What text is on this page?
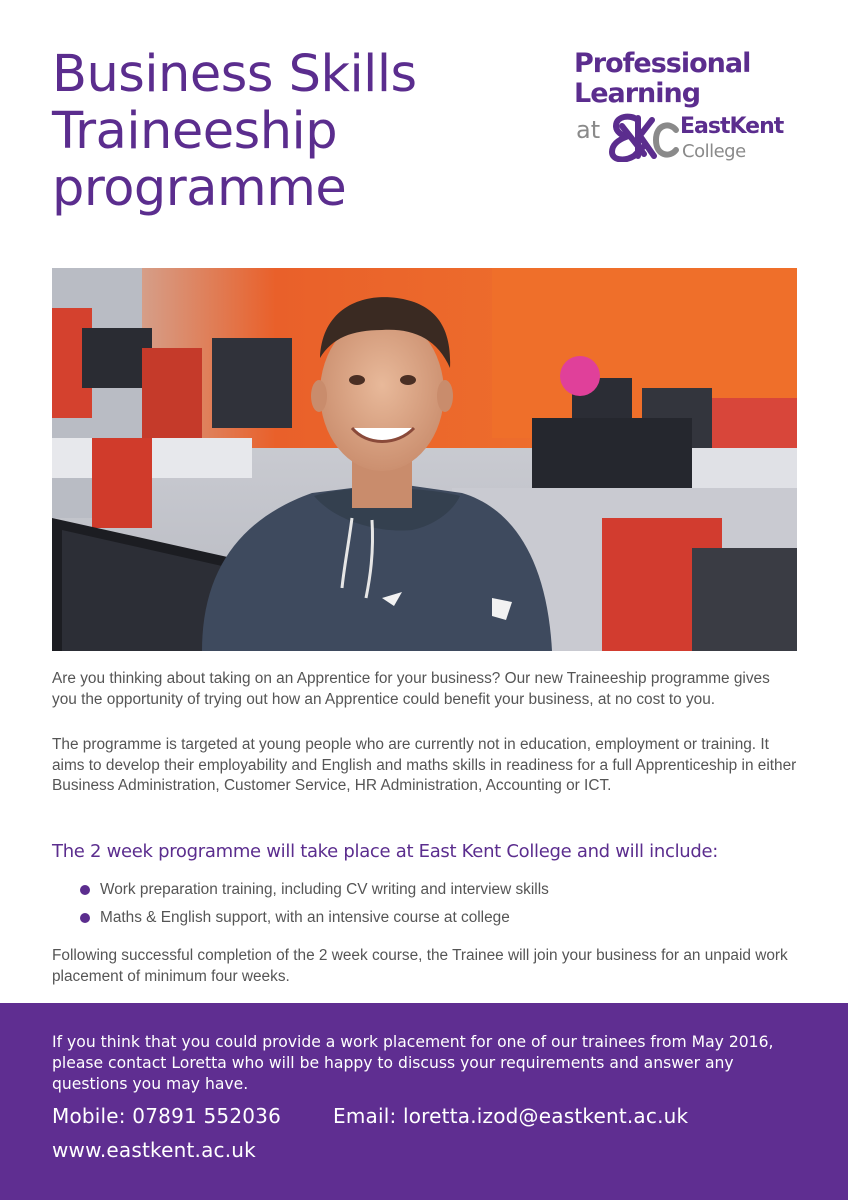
Business Skills
Traineeship
programme
Professional
Learning
at	EastKent
College

Are you thinking about taking on an Apprentice for your business? Our new Traineeship programme gives you the opportunity of trying out how an Apprentice could benefit your business, at no cost to you.

The programme is targeted at young people who are currently not in education, employment or training. It aims to develop their employability and English and maths skills in readiness for a full Apprenticeship in either Business Administration, Customer Service, HR Administration, Accounting or ICT.

The 2 week programme will take place at East Kent College and will include:
Work preparation training, including CV writing and interview skills
Maths & English support, with an intensive course at college

Following successful completion of the 2 week course, the Trainee will join your business for an unpaid work placement of minimum four weeks.

If you think that you could provide a work placement for one of our trainees from May 2016, please contact Loretta who will be happy to discuss your requirements and answer any questions you may have.

Mobile: 07891 552036	Email: loretta.izod@eastkent.ac.uk
www.eastkent.ac.uk
